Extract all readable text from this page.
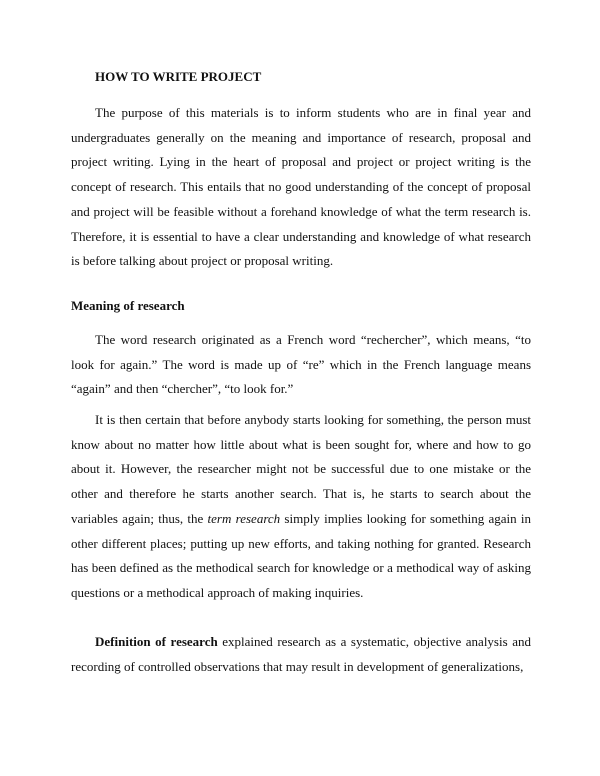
HOW TO WRITE PROJECT

The purpose of this materials is to inform students who are in final year and undergraduates generally on the meaning and importance of research, proposal and project writing. Lying in the heart of proposal and project or project writing is the concept of research. This entails that no good understanding of the concept of proposal and project will be feasible without a forehand knowledge of what the term research is. Therefore, it is essential to have a clear understanding and knowledge of what research is before talking about project or proposal writing.

Meaning of research

The word research originated as a French word “rechercher”, which means, “to look for again.” The word is made up of “re” which in the French language means “again” and then “chercher”, “to look for.”

It is then certain that before anybody starts looking for something, the person must know about no matter how little about what is been sought for, where and how to go about it. However, the researcher might not be successful due to one mistake or the other and therefore he starts another search. That is, he starts to search about the variables again; thus, the term research simply implies looking for something again in other different places; putting up new efforts, and taking nothing for granted. Research has been defined as the methodical search for knowledge or a methodical way of asking questions or a methodical approach of making inquiries.

Definition of research explained research as a systematic, objective analysis and recording of controlled observations that may result in development of generalizations,
